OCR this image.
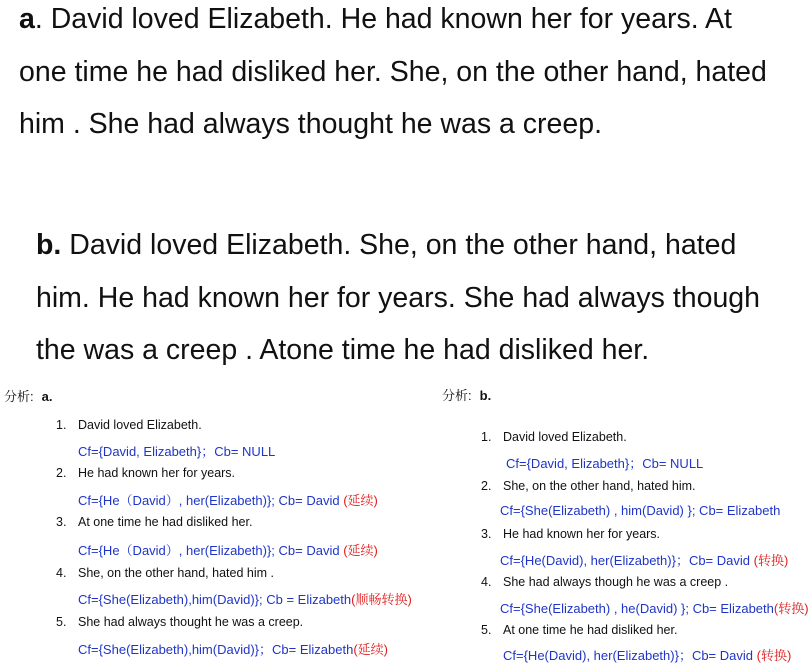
a. David loved Elizabeth. He had known her for years. At
one time he had disliked her. She, on the other hand, hated
him . She had always thought he was a creep.
b. David loved Elizabeth. She, on the other hand, hated
him. He had known her for years. She had always though
the was a creep . Atone time he had disliked her.
分析: a.
1. David loved Elizabeth.
Cf={David, Elizabeth}；Cb= NULL
2. He had known her for years.
Cf={He（David）, her(Elizabeth)}; Cb= David (延续)
3. At one time he had disliked her.
Cf={He（David）, her(Elizabeth)}; Cb= David (延续)
4. She, on the other hand, hated him .
Cf={She(Elizabeth),him(David)}; Cb = Elizabeth(顺畅转换)
5. She had always thought he was a creep.
Cf={She(Elizabeth),him(David)}；Cb= Elizabeth(延续)
分析: b.
1. David loved Elizabeth.
Cf={David, Elizabeth}；Cb= NULL
2. She, on the other hand, hated him.
Cf={She(Elizabeth) , him(David) }; Cb= Elizabeth
3. He had known her for years.
Cf={He(David), her(Elizabeth)}；Cb= David (转换)
4. She had always though he was a creep .
Cf={She(Elizabeth) , he(David) }; Cb= Elizabeth(转换)
5. At one time he had disliked her.
Cf={He(David), her(Elizabeth)}；Cb= David (转换)
